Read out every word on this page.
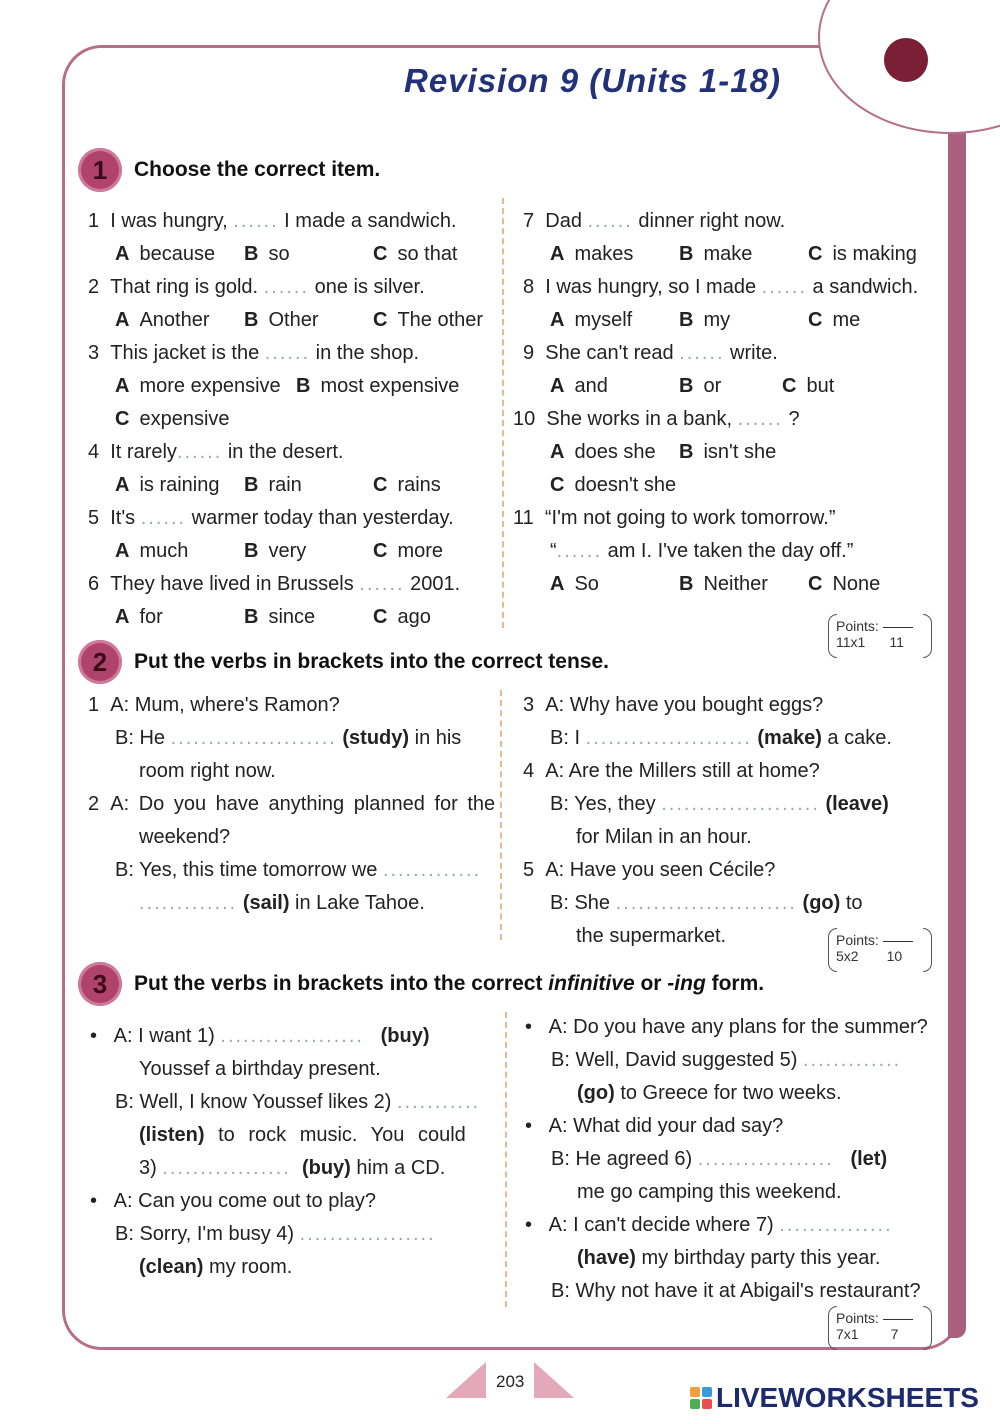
Revision 9 (Units 1-18)
1	Choose the correct item.
1 I was hungry, ...... I made a sandwich.
A because B so	C so that
2 That ring is gold. ...... one is silver.
A Another B Other	C The other
3 This jacket is the ...... in the shop.
A more expensive B most expensive
C expensive
4 It rarely...... in the desert.
A is raining B rain	C rains
5 It's ...... warmer today than yesterday.
A much	B very	C more
6 They have lived in Brussels ...... 2001.
A for	B since	C ago
7 Dad ...... dinner right now.
A makes B make	C is making
8 I was hungry, so I made ...... a sandwich.
A myself B my	C me
9 She can't read ...... write.
A and	B or	C but
10 She works in a bank, ...... ?
A does she B isn't she
C doesn't she
11 “I'm not going to work tomorrow.”
“...... am I. I've taken the day off.”
A So	B Neither C None
Points:
11x1 11
2	Put the verbs in brackets into the correct tense.
1 A: Mum, where's Ramon?
B: He ...................... (study) in his
room right now.
2 A: Do you have anything planned for the
weekend?
B: Yes, this time tomorrow we .............
............. (sail) in Lake Tahoe.
3 A: Why have you bought eggs?
B: I ...................... (make) a cake.
4 A: Are the Millers still at home?
B: Yes, they ..................... (leave)
for Milan in an hour.
5 A: Have you seen Cécile?
B: She ........................ (go) to
the supermarket.	Points:
5x2 10
3	Put the verbs in brackets into the correct infinitive or -ing form.
•   A: I want 1) ................... (buy)
Youssef a birthday present.
B: Well, I know Youssef likes 2) ...........
(listen) to rock music. You could
3) ................. (buy) him a CD.
•   A: Can you come out to play?
B: Sorry, I'm busy 4) ..................
(clean) my room.
•   A: Do you have any plans for the summer?
B: Well, David suggested 5) .............
(go) to Greece for two weeks.
•   A: What did your dad say?
B: He agreed 6) .................. (let)
me go camping this weekend.
•   A: I can't decide where 7) ...............
(have) my birthday party this year.
B: Why not have it at Abigail's restaurant?
Points:
7x1 7
203
LIVEWORKSHEETS
